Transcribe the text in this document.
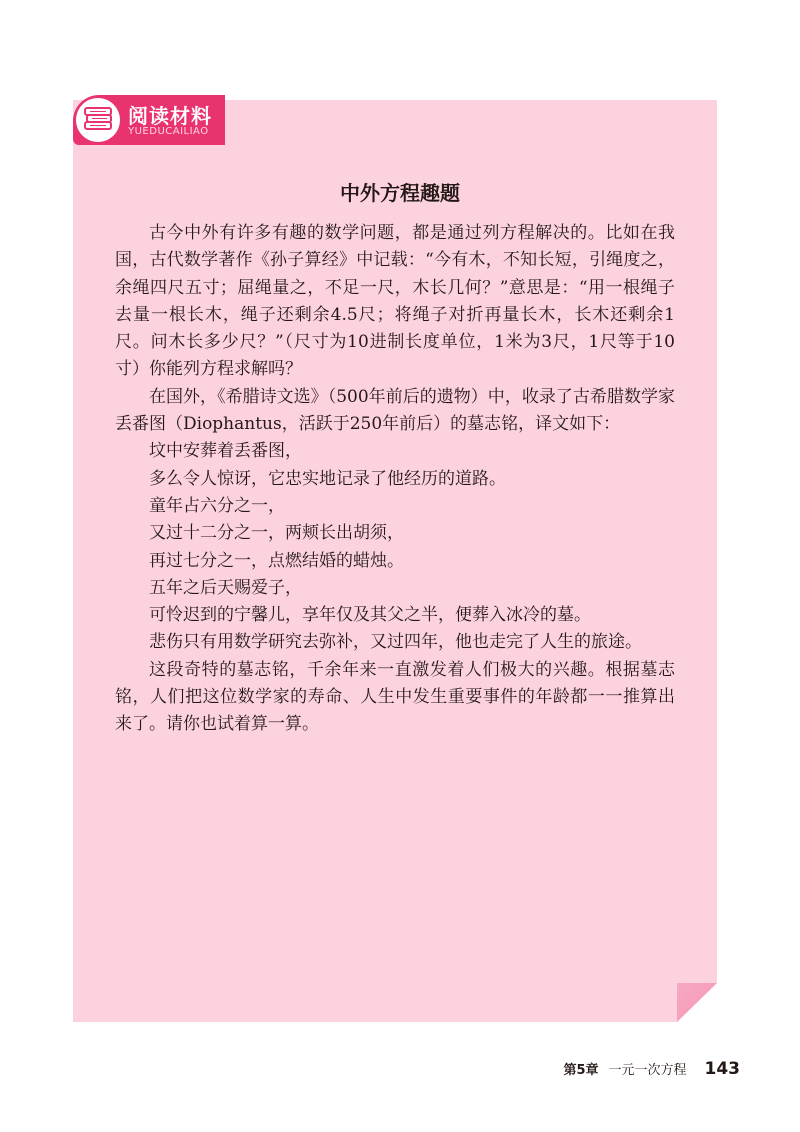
阅读材料
YUEDUCAILIAO
中外方程趣题

古今中外有许多有趣的数学问题，都是通过列方程解决的。比如在我国，古代数学著作《孙子算经》中记载：“今有木，不知长短，引绳度之，余绳四尺五寸；屈绳量之，不足一尺，木长几何？”意思是：“用一根绳子去量一根长木，绳子还剩余4.5尺；将绳子对折再量长木，长木还剩余1尺。问木长多少尺？”（尺寸为10进制长度单位，1米为3尺，1尺等于10寸）你能列方程求解吗？

在国外，《希腊诗文选》（500年前后的遗物）中，收录了古希腊数学家丢番图（Diophantus，活跃于250年前后）的墓志铭，译文如下：

坟中安葬着丢番图，

多么令人惊讶，它忠实地记录了他经历的道路。

童年占六分之一，

又过十二分之一，两颊长出胡须，

再过七分之一，点燃结婚的蜡烛。

五年之后天赐爱子，

可怜迟到的宁馨儿，享年仅及其父之半，便葬入冰冷的墓。

悲伤只有用数学研究去弥补，又过四年，他也走完了人生的旅途。

这段奇特的墓志铭，千余年来一直激发着人们极大的兴趣。根据墓志铭，人们把这位数学家的寿命、人生中发生重要事件的年龄都一一推算出来了。请你也试着算一算。

第5章 一元一次方程 143
